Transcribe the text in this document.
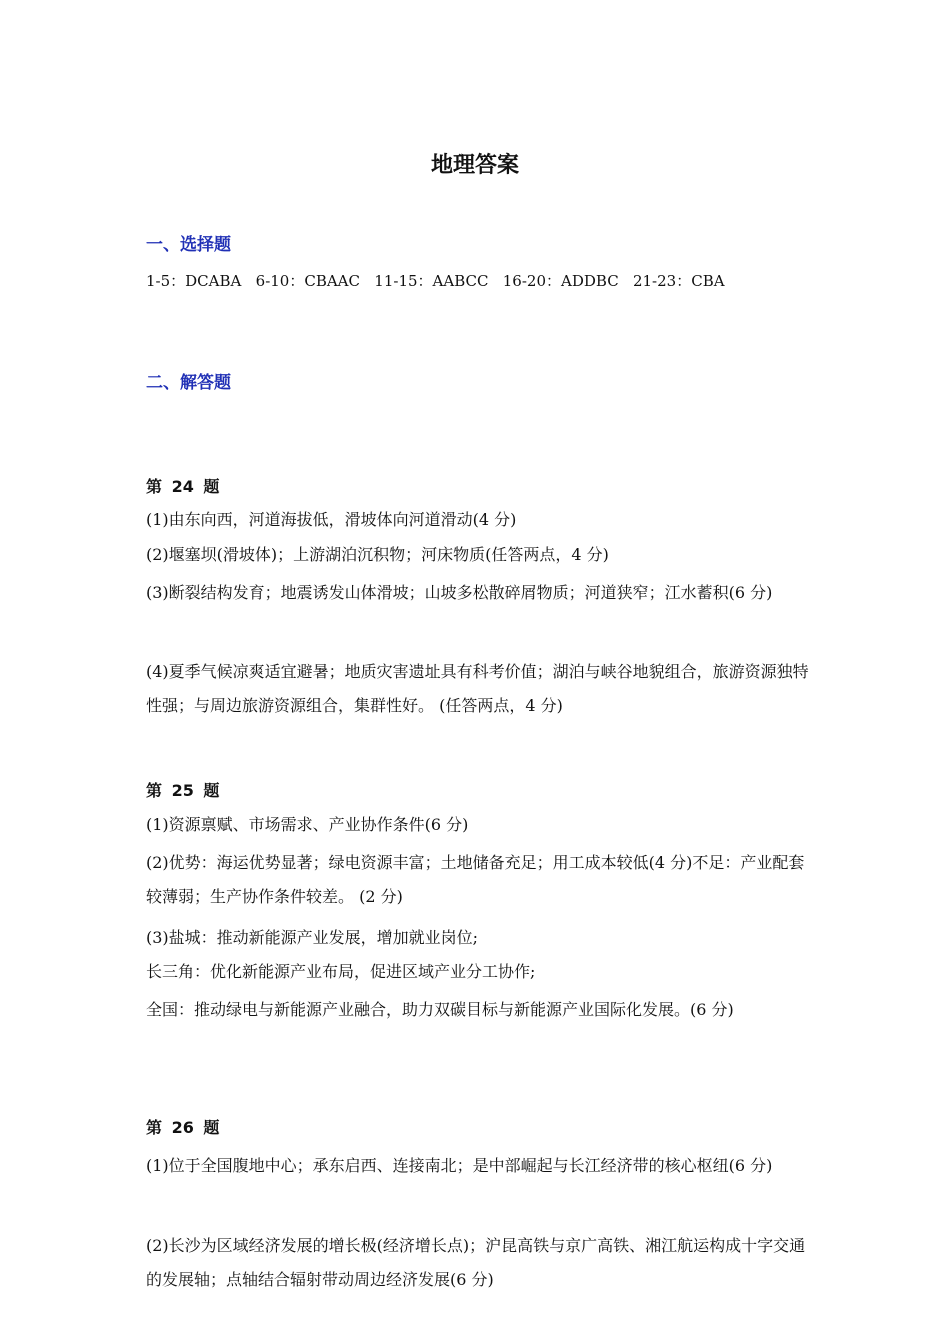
地理答案
一、选择题
1-5：DCABA   6-10：CBAAC   11-15：AABCC   16-20：ADDBC   21-23：CBA
二、解答题
第 24 题
(1)由东向西，河道海拔低，滑坡体向河道滑动(4 分)
(2)堰塞坝(滑坡体)；上游湖泊沉积物；河床物质(任答两点，4 分)
(3)断裂结构发育；地震诱发山体滑坡；山坡多松散碎屑物质；河道狭窄；江水蓄积(6 分)
(4)夏季气候凉爽适宜避暑；地质灾害遗址具有科考价值；湖泊与峡谷地貌组合，旅游资源独特性强；与周边旅游资源组合，集群性好。 (任答两点，4 分)
第 25 题
(1)资源禀赋、市场需求、产业协作条件(6 分)
(2)优势：海运优势显著；绿电资源丰富；土地储备充足；用工成本较低(4 分)不足：产业配套较薄弱；生产协作条件较差。 (2 分)
(3)盐城：推动新能源产业发展，增加就业岗位;
长三角：优化新能源产业布局，促进区域产业分工协作;
全国：推动绿电与新能源产业融合，助力双碳目标与新能源产业国际化发展。(6 分)
第 26 题
(1)位于全国腹地中心；承东启西、连接南北；是中部崛起与长江经济带的核心枢纽(6 分)
(2)长沙为区域经济发展的增长极(经济增长点)；沪昆高铁与京广高铁、湘江航运构成十字交通的发展轴；点轴结合辐射带动周边经济发展(6 分)
